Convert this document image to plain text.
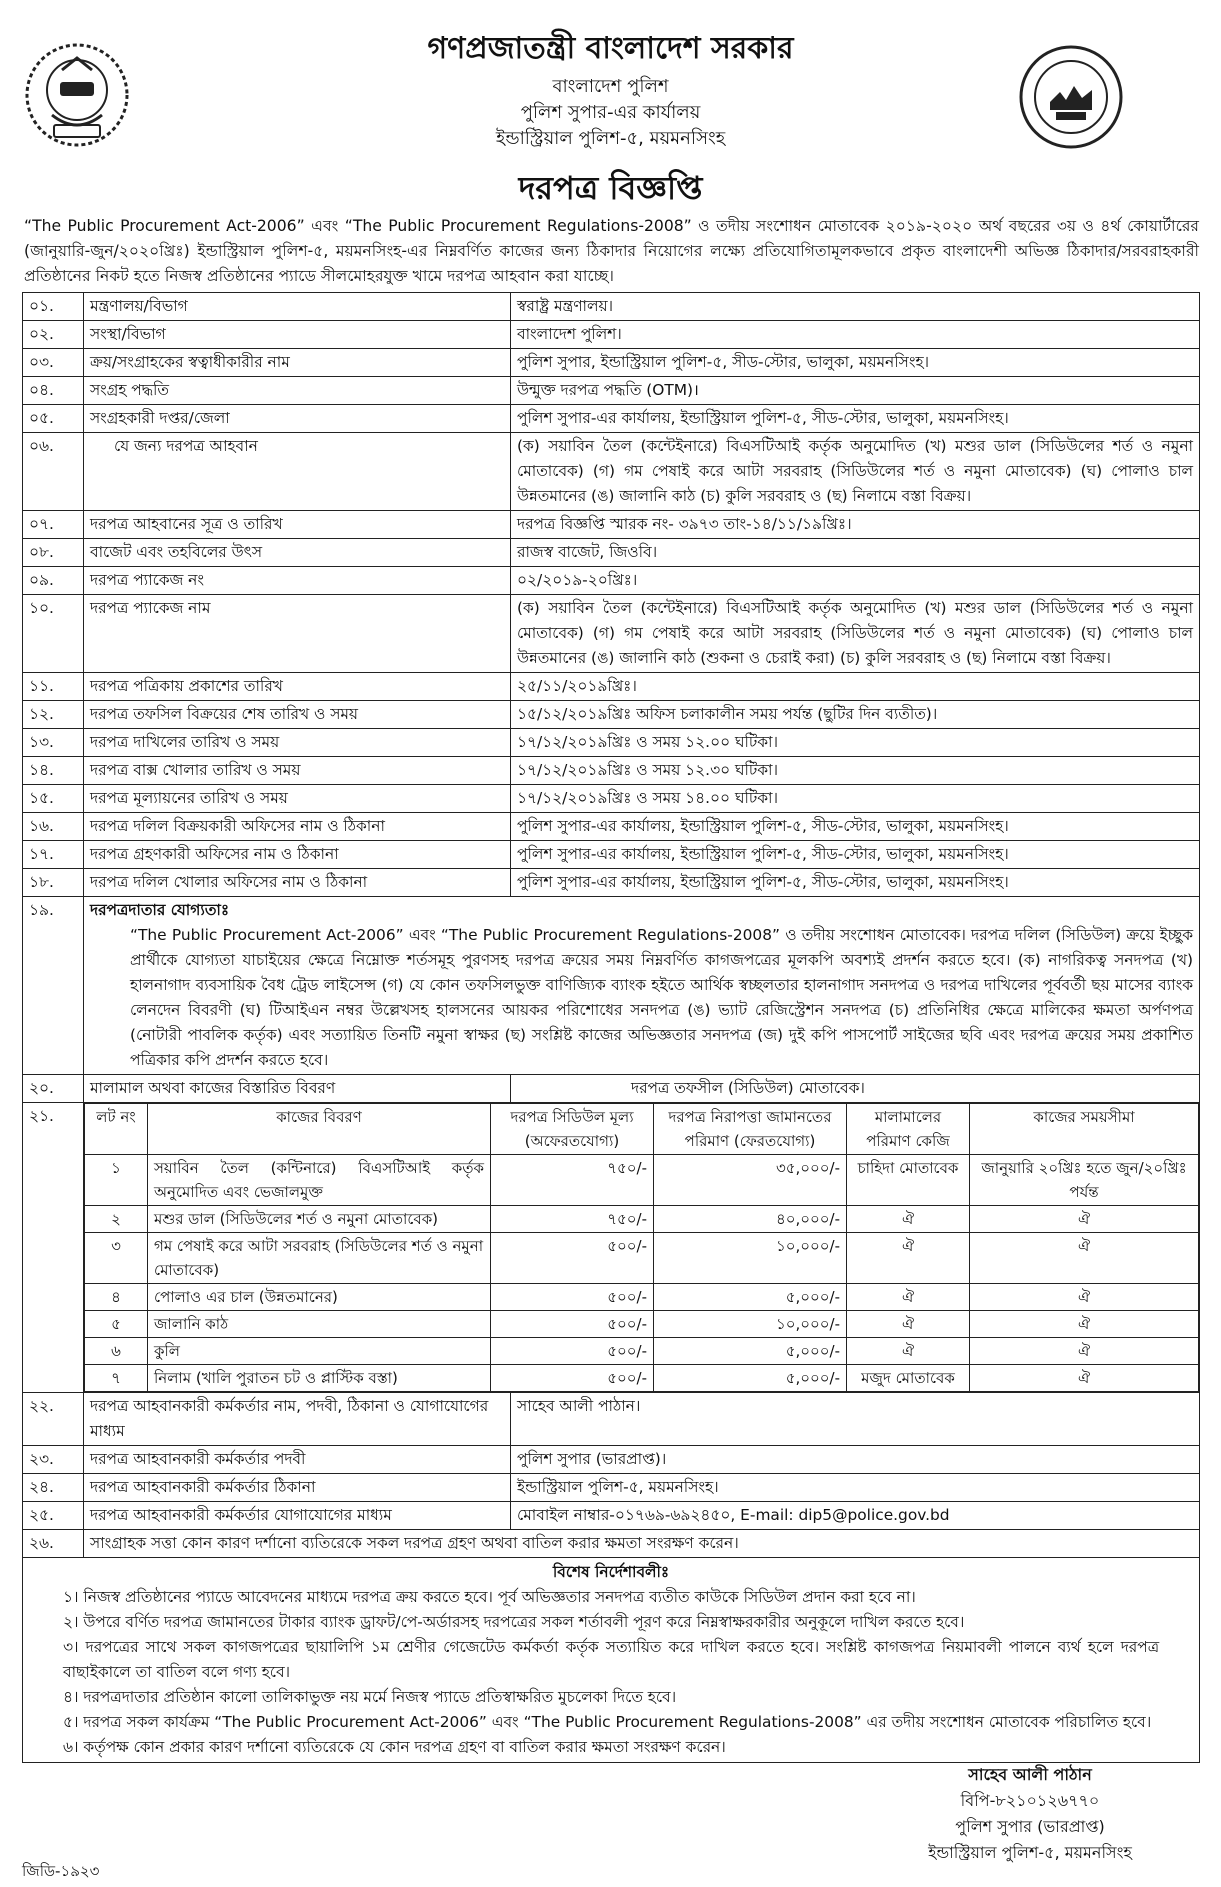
গণপ্রজাতন্ত্রী বাংলাদেশ সরকার
বাংলাদেশ পুলিশ
পুলিশ সুপার-এর কার্যালয়
ইন্ডাস্ট্রিয়াল পুলিশ-৫, ময়মনসিংহ
দরপত্র বিজ্ঞপ্তি
“The Public Procurement Act-2006” এবং “The Public Procurement Regulations-2008” ও তদীয় সংশোধন মোতাবেক ২০১৯-২০২০ অর্থ বছরের ৩য় ও ৪র্থ কোয়ার্টারের (জানুয়ারি-জুন/২০২০খ্রিঃ) ইন্ডাস্ট্রিয়াল পুলিশ-৫, ময়মনসিংহ-এর নিম্নবর্ণিত কাজের জন্য ঠিকাদার নিয়োগের লক্ষ্যে প্রতিযোগিতামূলকভাবে প্রকৃত বাংলাদেশী অভিজ্ঞ ঠিকাদার/সরবরাহকারী প্রতিষ্ঠানের নিকট হতে নিজস্ব প্রতিষ্ঠানের প্যাডে সীলমোহরযুক্ত খামে দরপত্র আহবান করা যাচ্ছে।
০১.	মন্ত্রণালয়/বিভাগ	স্বরাষ্ট্র মন্ত্রণালয়।
০২.	সংস্থা/বিভাগ	বাংলাদেশ পুলিশ।
০৩.	ক্রয়/সংগ্রাহকের স্বত্বাধীকারীর নাম	পুলিশ সুপার, ইন্ডাস্ট্রিয়াল পুলিশ-৫, সীড-স্টোর, ভালুকা, ময়মনসিংহ।
০৪.	সংগ্রহ পদ্ধতি	উন্মুক্ত দরপত্র পদ্ধতি (OTM)।
০৫.	সংগ্রহকারী দপ্তর/জেলা	পুলিশ সুপার-এর কার্যালয়, ইন্ডাস্ট্রিয়াল পুলিশ-৫, সীড-স্টোর, ভালুকা, ময়মনসিংহ।
০৬.	যে জন্য দরপত্র আহবান	(ক) সয়াবিন তৈল (কন্টেইনারে) বিএসটিআই কর্তৃক অনুমোদিত (খ) মশুর ডাল (সিডিউলের শর্ত ও নমুনা মোতাবেক) (গ) গম পেষাই করে আটা সরবরাহ (সিডিউলের শর্ত ও নমুনা মোতাবেক) (ঘ) পোলাও চাল উন্নতমানের (ঙ) জালানি কাঠ (চ) কুলি সরবরাহ ও (ছ) নিলামে বস্তা বিক্রয়।
০৭.	দরপত্র আহবানের সূত্র ও তারিখ	দরপত্র বিজ্ঞপ্তি স্মারক নং- ৩৯৭৩ তাং-১৪/১১/১৯খ্রিঃ।
০৮.	বাজেট এবং তহবিলের উৎস	রাজস্ব বাজেট, জিওবি।
০৯.	দরপত্র প্যাকেজ নং	০২/২০১৯-২০খ্রিঃ।
১০.	দরপত্র প্যাকেজ নাম	(ক) সয়াবিন তৈল (কন্টেইনারে) বিএসটিআই কর্তৃক অনুমোদিত (খ) মশুর ডাল (সিডিউলের শর্ত ও নমুনা মোতাবেক) (গ) গম পেষাই করে আটা সরবরাহ (সিডিউলের শর্ত ও নমুনা মোতাবেক) (ঘ) পোলাও চাল উন্নতমানের (ঙ) জালানি কাঠ (শুকনা ও চেরাই করা) (চ) কুলি সরবরাহ ও (ছ) নিলামে বস্তা বিক্রয়।
১১.	দরপত্র পত্রিকায় প্রকাশের তারিখ	২৫/১১/২০১৯খ্রিঃ।
১২.	দরপত্র তফসিল বিক্রয়ের শেষ তারিখ ও সময়	১৫/১২/২০১৯খ্রিঃ অফিস চলাকালীন সময় পর্যন্ত (ছুটির দিন ব্যতীত)।
১৩.	দরপত্র দাখিলের তারিখ ও সময়	১৭/১২/২০১৯খ্রিঃ ও সময় ১২.০০ ঘটিকা।
১৪.	দরপত্র বাক্স খোলার তারিখ ও সময়	১৭/১২/২০১৯খ্রিঃ ও সময় ১২.৩০ ঘটিকা।
১৫.	দরপত্র মূল্যায়নের তারিখ ও সময়	১৭/১২/২০১৯খ্রিঃ ও সময় ১৪.০০ ঘটিকা।
১৬.	দরপত্র দলিল বিক্রয়কারী অফিসের নাম ও ঠিকানা	পুলিশ সুপার-এর কার্যালয়, ইন্ডাস্ট্রিয়াল পুলিশ-৫, সীড-স্টোর, ভালুকা, ময়মনসিংহ।
১৭.	দরপত্র গ্রহণকারী অফিসের নাম ও ঠিকানা	পুলিশ সুপার-এর কার্যালয়, ইন্ডাস্ট্রিয়াল পুলিশ-৫, সীড-স্টোর, ভালুকা, ময়মনসিংহ।
১৮.	দরপত্র দলিল খোলার অফিসের নাম ও ঠিকানা	পুলিশ সুপার-এর কার্যালয়, ইন্ডাস্ট্রিয়াল পুলিশ-৫, সীড-স্টোর, ভালুকা, ময়মনসিংহ।
১৯.	দরপত্রদাতার যোগ্যতাঃ
“The Public Procurement Act-2006” এবং “The Public Procurement Regulations-2008” ও তদীয় সংশোধন মোতাবেক। দরপত্র দলিল (সিডিউল) ক্রয়ে ইচ্ছুক প্রার্থীকে যোগ্যতা যাচাইয়ের ক্ষেত্রে নিম্নোক্ত শর্তসমূহ পুরণসহ দরপত্র ক্রয়ের সময় নিম্নবর্ণিত কাগজপত্রের মূলকপি অবশ্যই প্রদর্শন করতে হবে। (ক) নাগরিকত্ব সনদপত্র (খ) হালনাগাদ ব্যবসায়িক বৈধ ট্রেড লাইসেন্স (গ) যে কোন তফসিলভুক্ত বাণিজ্যিক ব্যাংক হইতে আর্থিক স্বচ্ছলতার হালনাগাদ সনদপত্র ও দরপত্র দাখিলের পূর্ববর্তী ছয় মাসের ব্যাংক লেনদেন বিবরণী (ঘ) টিআইএন নম্বর উল্লেখসহ হালসনের আয়কর পরিশোধের সনদপত্র (ঙ) ভ্যাট রেজিস্ট্রেশন সনদপত্র (চ) প্রতিনিধির ক্ষেত্রে মালিকের ক্ষমতা অর্পণপত্র (নোটারী পাবলিক কর্তৃক) এবং সত্যায়িত তিনটি নমুনা স্বাক্ষর (ছ) সংশ্লিষ্ট কাজের অভিজ্ঞতার সনদপত্র (জ) দুই কপি পাসপোর্ট সাইজের ছবি এবং দরপত্র ক্রয়ের সময় প্রকাশিত পত্রিকার কপি প্রদর্শন করতে হবে।

২০.	মালামাল অথবা কাজের বিস্তারিত বিবরণ	দরপত্র তফসীল (সিডিউল) মোতাবেক।
২১.		লট নং	কাজের বিবরণ	দরপত্র সিডিউল মূল্য (অফেরতযোগ্য)	দরপত্র নিরাপত্তা জামানতের পরিমাণ (ফেরতযোগ্য)	মালামালের পরিমাণ কেজি	কাজের সময়সীমা
১	সয়াবিন তৈল (কন্টিনারে) বিএসটিআই কর্তৃক অনুমোদিত এবং ভেজালমুক্ত	৭৫০/-	৩৫,০০০/-	চাহিদা মোতাবেক	জানুয়ারি ২০খ্রিঃ হতে জুন/২০খ্রিঃ পর্যন্ত
২	মশুর ডাল (সিডিউলের শর্ত ও নমুনা মোতাবেক)	৭৫০/-	৪০,০০০/-	ঐ	ঐ
৩	গম পেষাই করে আটা সরবরাহ (সিডিউলের শর্ত ও নমুনা মোতাবেক)	৫০০/-	১০,০০০/-	ঐ	ঐ
৪	পোলাও এর চাল (উন্নতমানের)	৫০০/-	৫,০০০/-	ঐ	ঐ
৫	জালানি কাঠ	৫০০/-	১০,০০০/-	ঐ	ঐ
৬	কুলি	৫০০/-	৫,০০০/-	ঐ	ঐ
৭	নিলাম (খালি পুরাতন চট ও প্লাস্টিক বস্তা)	৫০০/-	৫,০০০/-	মজুদ মোতাবেক	ঐ

২২.	দরপত্র আহবানকারী কর্মকর্তার নাম, পদবী, ঠিকানা ও যোগাযোগের মাধ্যম	সাহেব আলী পাঠান।
২৩.	দরপত্র আহবানকারী কর্মকর্তার পদবী	পুলিশ সুপার (ভারপ্রাপ্ত)।
২৪.	দরপত্র আহবানকারী কর্মকর্তার ঠিকানা	ইন্ডাস্ট্রিয়াল পুলিশ-৫, ময়মনসিংহ।
২৫.	দরপত্র আহবানকারী কর্মকর্তার যোগাযোগের মাধ্যম	মোবাইল নাম্বার-০১৭৬৯-৬৯২৪৫০, E-mail: dip5@police.gov.bd
২৬.	সাংগ্রাহক সত্তা কোন কারণ দর্শানো ব্যতিরেকে সকল দরপত্র গ্রহণ অথবা বাতিল করার ক্ষমতা সংরক্ষণ করেন।

বিশেষ নির্দেশাবলীঃ
১। নিজস্ব প্রতিষ্ঠানের প্যাডে আবেদনের মাধ্যমে দরপত্র ক্রয় করতে হবে। পূর্ব অভিজ্ঞতার সনদপত্র ব্যতীত কাউকে সিডিউল প্রদান করা হবে না।
২। উপরে বর্ণিত দরপত্র জামানতের টাকার ব্যাংক ড্রাফট/পে-অর্ডারসহ দরপত্রের সকল শর্তাবলী পূরণ করে নিম্নস্বাক্ষরকারীর অনুকূলে দাখিল করতে হবে।
৩। দরপত্রের সাথে সকল কাগজপত্রের ছায়ালিপি ১ম শ্রেণীর গেজেটেড কর্মকর্তা কর্তৃক সত্যায়িত করে দাখিল করতে হবে। সংশ্লিষ্ট কাগজপত্র নিয়মাবলী পালনে ব্যর্থ হলে দরপত্র বাছাইকালে তা বাতিল বলে গণ্য হবে।
৪। দরপত্রদাতার প্রতিষ্ঠান কালো তালিকাভুক্ত নয় মর্মে নিজস্ব প্যাডে প্রতিস্বাক্ষরিত মুচলেকা দিতে হবে।
৫। দরপত্র সকল কার্যক্রম “The Public Procurement Act-2006” এবং “The Public Procurement Regulations-2008” এর তদীয় সংশোধন মোতাবেক পরিচালিত হবে।
৬। কর্তৃপক্ষ কোন প্রকার কারণ দর্শানো ব্যতিরেকে যে কোন দরপত্র গ্রহণ বা বাতিল করার ক্ষমতা সংরক্ষণ করেন।
সাহেব আলী পাঠান
বিপি-৮২১০১২৬৭৭০
পুলিশ সুপার (ভারপ্রাপ্ত)
ইন্ডাস্ট্রিয়াল পুলিশ-৫, ময়মনসিংহ
জিডি-১৯২৩
